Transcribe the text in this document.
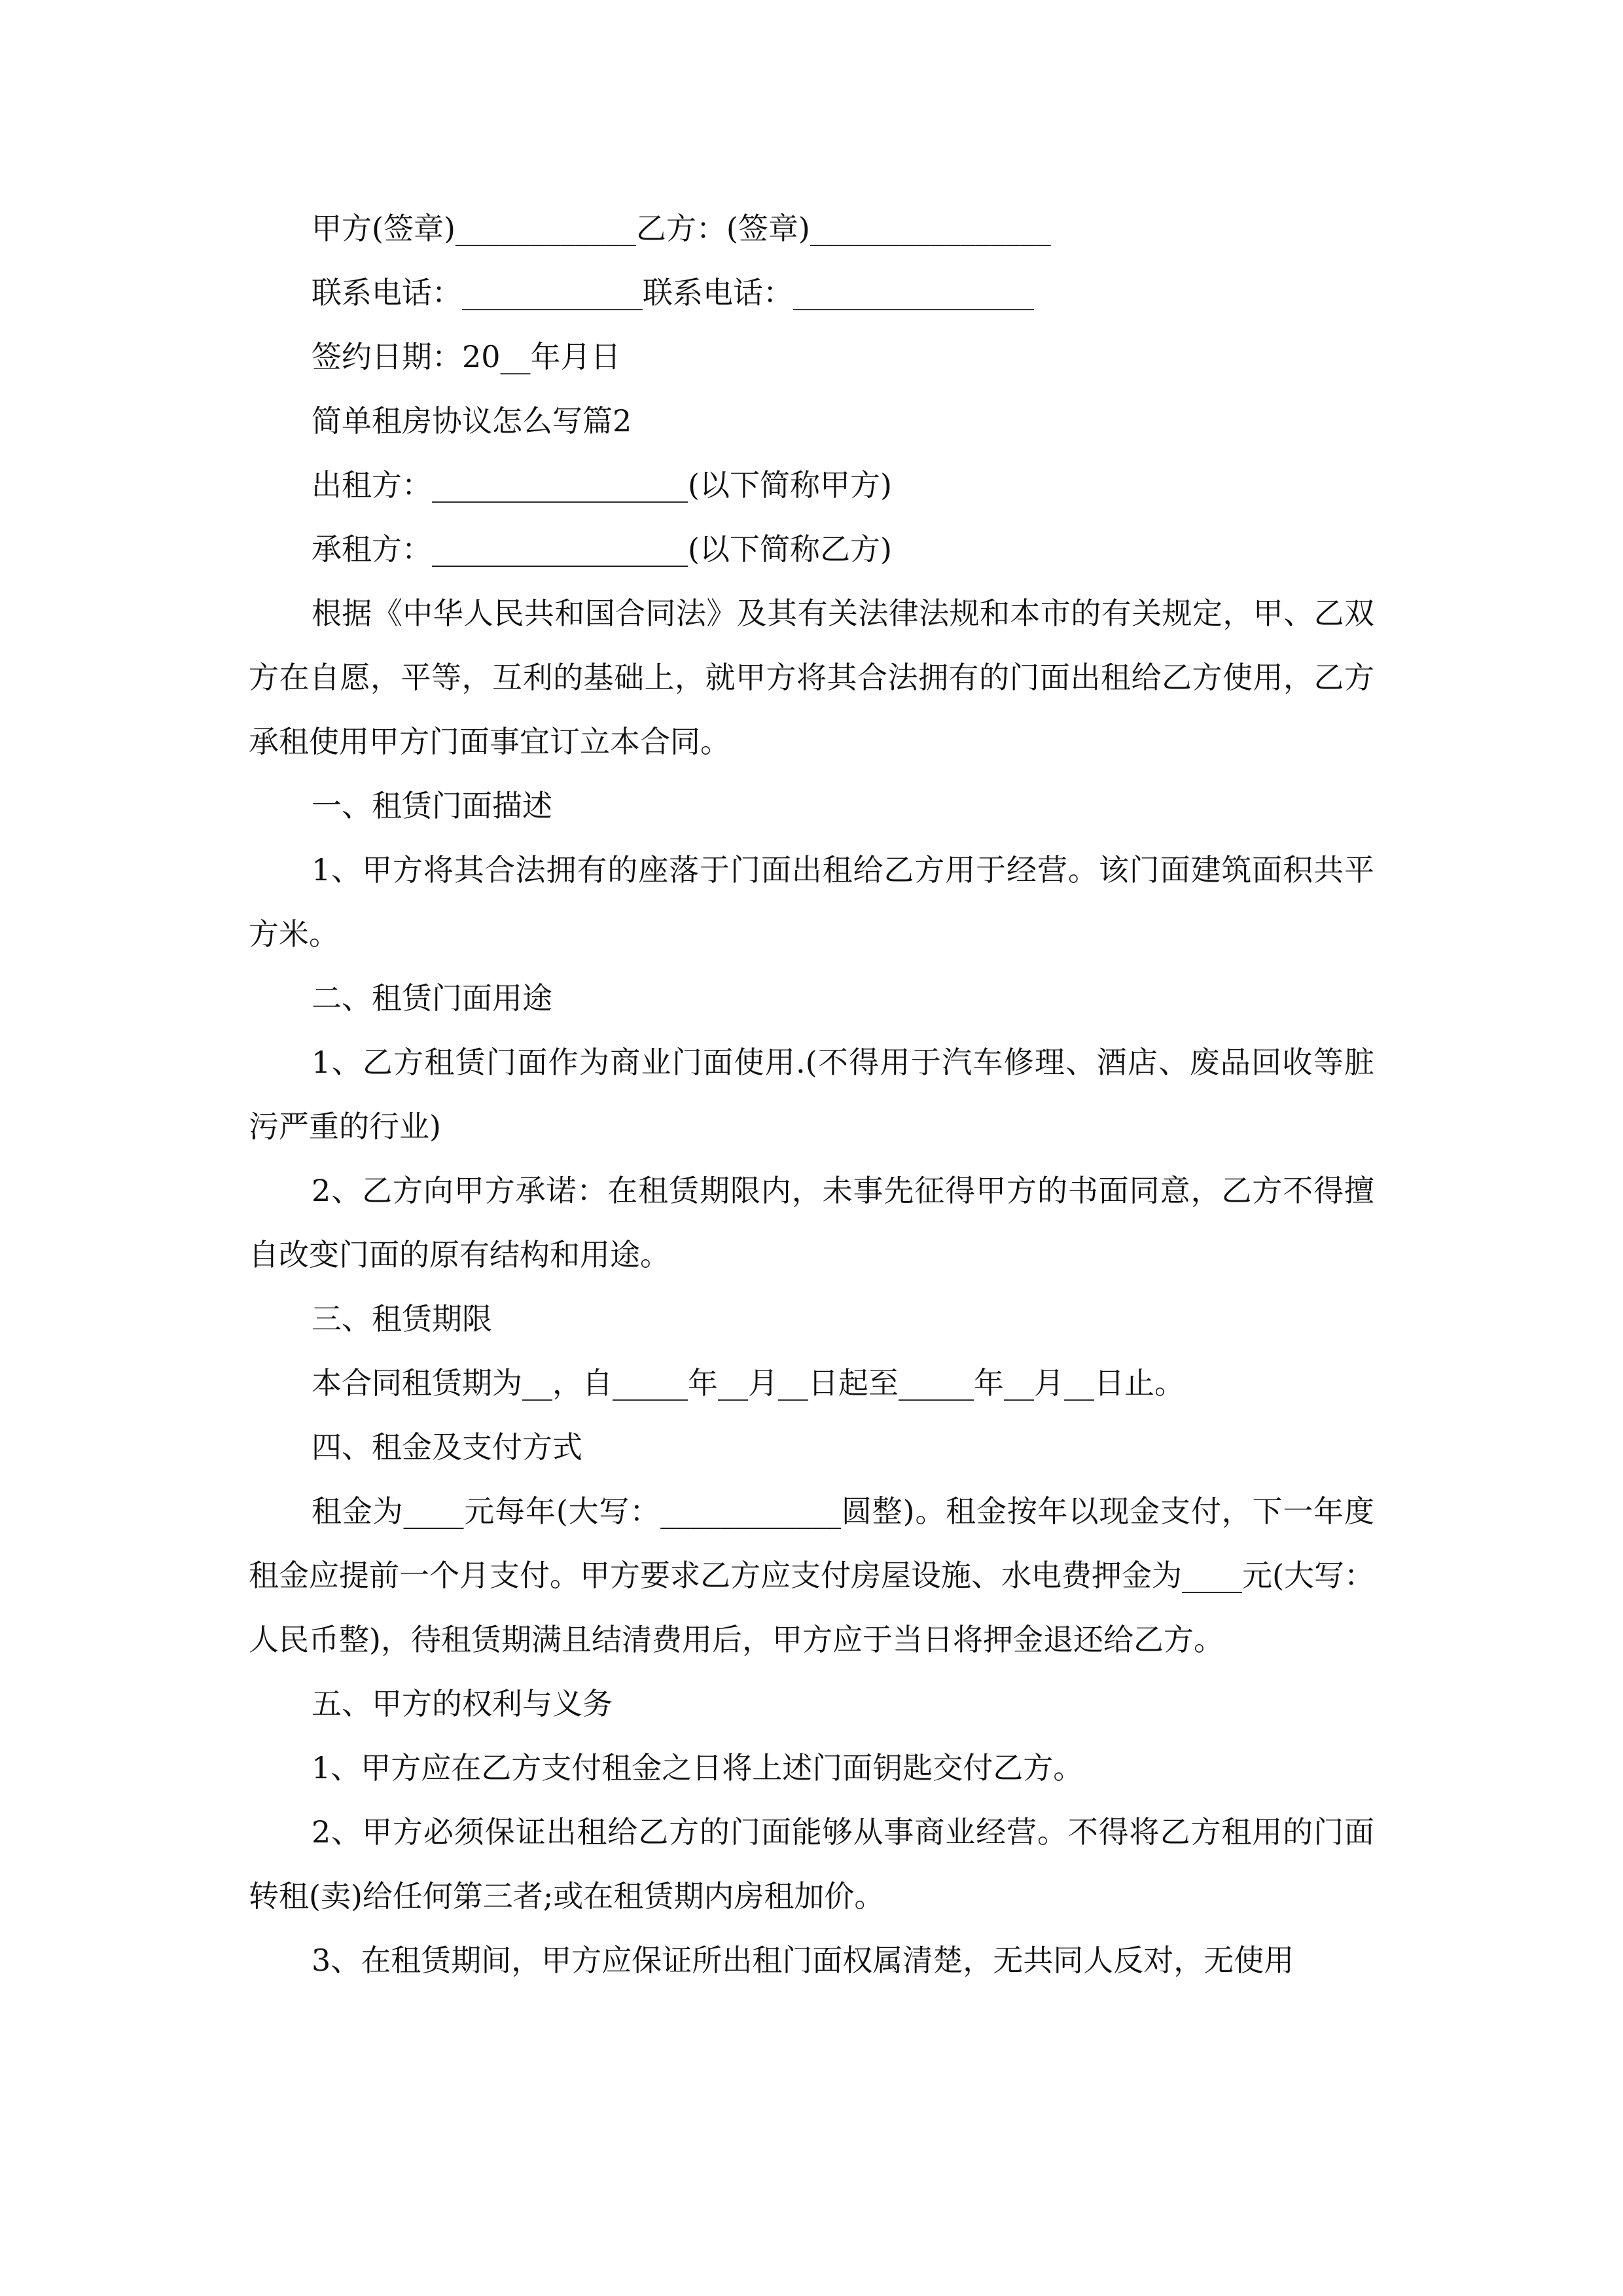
甲方(签章)____________乙方：(签章)________________
联系电话：____________联系电话：________________
签约日期：20__年月日
简单租房协议怎么写篇2
出租方：_________________(以下简称甲方)
承租方：_________________(以下简称乙方)

根据《中华人民共和国合同法》及其有关法律法规和本市的有关规定，甲、乙双方在自愿，平等，互利的基础上，就甲方将其合法拥有的门面出租给乙方使用，乙方承租使用甲方门面事宜订立本合同。

一、租赁门面描述

1、甲方将其合法拥有的座落于门面出租给乙方用于经营。该门面建筑面积共平方米。

二、租赁门面用途

1、乙方租赁门面作为商业门面使用.(不得用于汽车修理、酒店、废品回收等脏污严重的行业)

2、乙方向甲方承诺：在租赁期限内，未事先征得甲方的书面同意，乙方不得擅自改变门面的原有结构和用途。

三、租赁期限
本合同租赁期为__，自_____年__月__日起至_____年__月__日止。
四、租金及支付方式

租金为____元每年(大写：____________圆整)。租金按年以现金支付，下一年度租金应提前一个月支付。甲方要求乙方应支付房屋设施、水电费押金为____元(大写：人民币整)，待租赁期满且结清费用后，甲方应于当日将押金退还给乙方。

五、甲方的权利与义务

1、甲方应在乙方支付租金之日将上述门面钥匙交付乙方。

2、甲方必须保证出租给乙方的门面能够从事商业经营。不得将乙方租用的门面转租(卖)给任何第三者;或在租赁期内房租加价。

3、在租赁期间，甲方应保证所出租门面权属清楚，无共同人反对，无使用
